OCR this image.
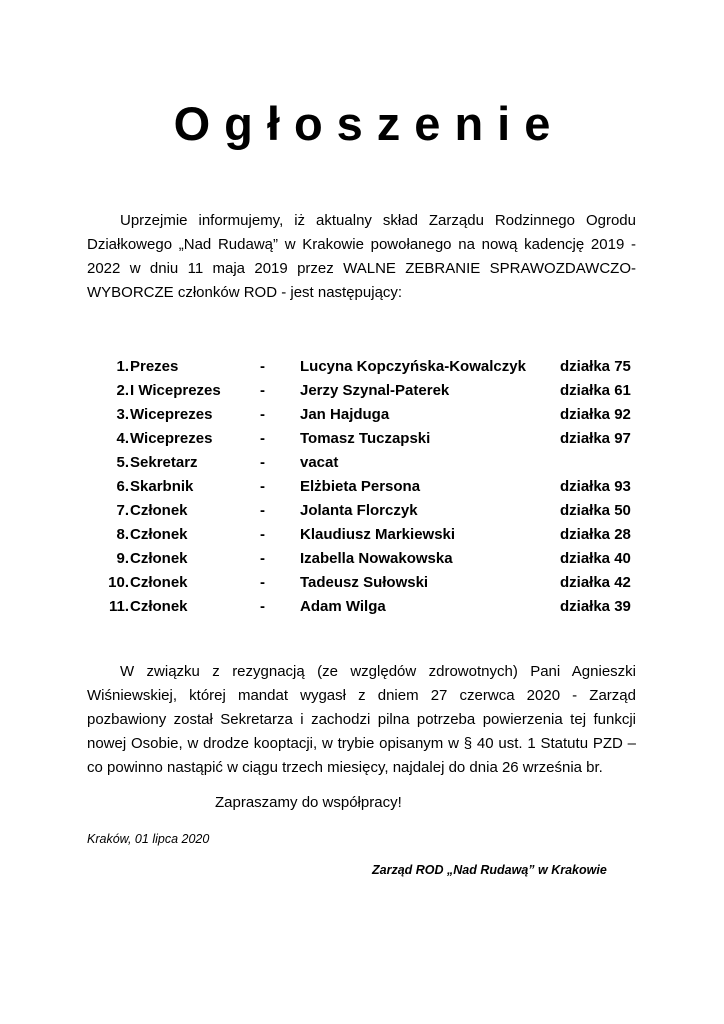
Ogłoszenie
Uprzejmie informujemy, iż aktualny skład Zarządu Rodzinnego Ogrodu Działkowego „Nad Rudawą” w Krakowie powołanego na nową kadencję 2019 - 2022 w dniu 11 maja 2019 przez WALNE ZEBRANIE SPRAWOZDAWCZO-WYBORCZE członków ROD - jest następujący:
1. Prezes	- Lucyna Kopczyńska-Kowalczyk działka 75
2. I Wiceprezes	- Jerzy Szynal-Paterek	działka 61
3. Wiceprezes	- Jan Hajduga	działka 92
4. Wiceprezes	- Tomasz Tuczapski	działka 97
5. Sekretarz	- vacat
6. Skarbnik	- Elżbieta Persona	działka 93
7. Członek	- Jolanta Florczyk	działka 50
8. Członek	- Klaudiusz Markiewski	działka 28
9. Członek	- Izabella Nowakowska	działka 40
10. Członek	- Tadeusz Sułowski	działka 42
11. Członek	- Adam Wilga	działka 39
W związku z rezygnacją (ze względów zdrowotnych) Pani Agnieszki Wiśniewskiej, której mandat wygasł z dniem 27 czerwca 2020 - Zarząd pozbawiony został Sekretarza i zachodzi pilna potrzeba powierzenia tej funkcji nowej Osobie, w drodze kooptacji, w trybie opisanym w § 40 ust. 1 Statutu PZD – co powinno nastąpić w ciągu trzech miesięcy, najdalej do dnia 26 września br.
Zapraszamy do współpracy!
Kraków, 01 lipca 2020
Zarząd ROD „Nad Rudawą” w Krakowie
